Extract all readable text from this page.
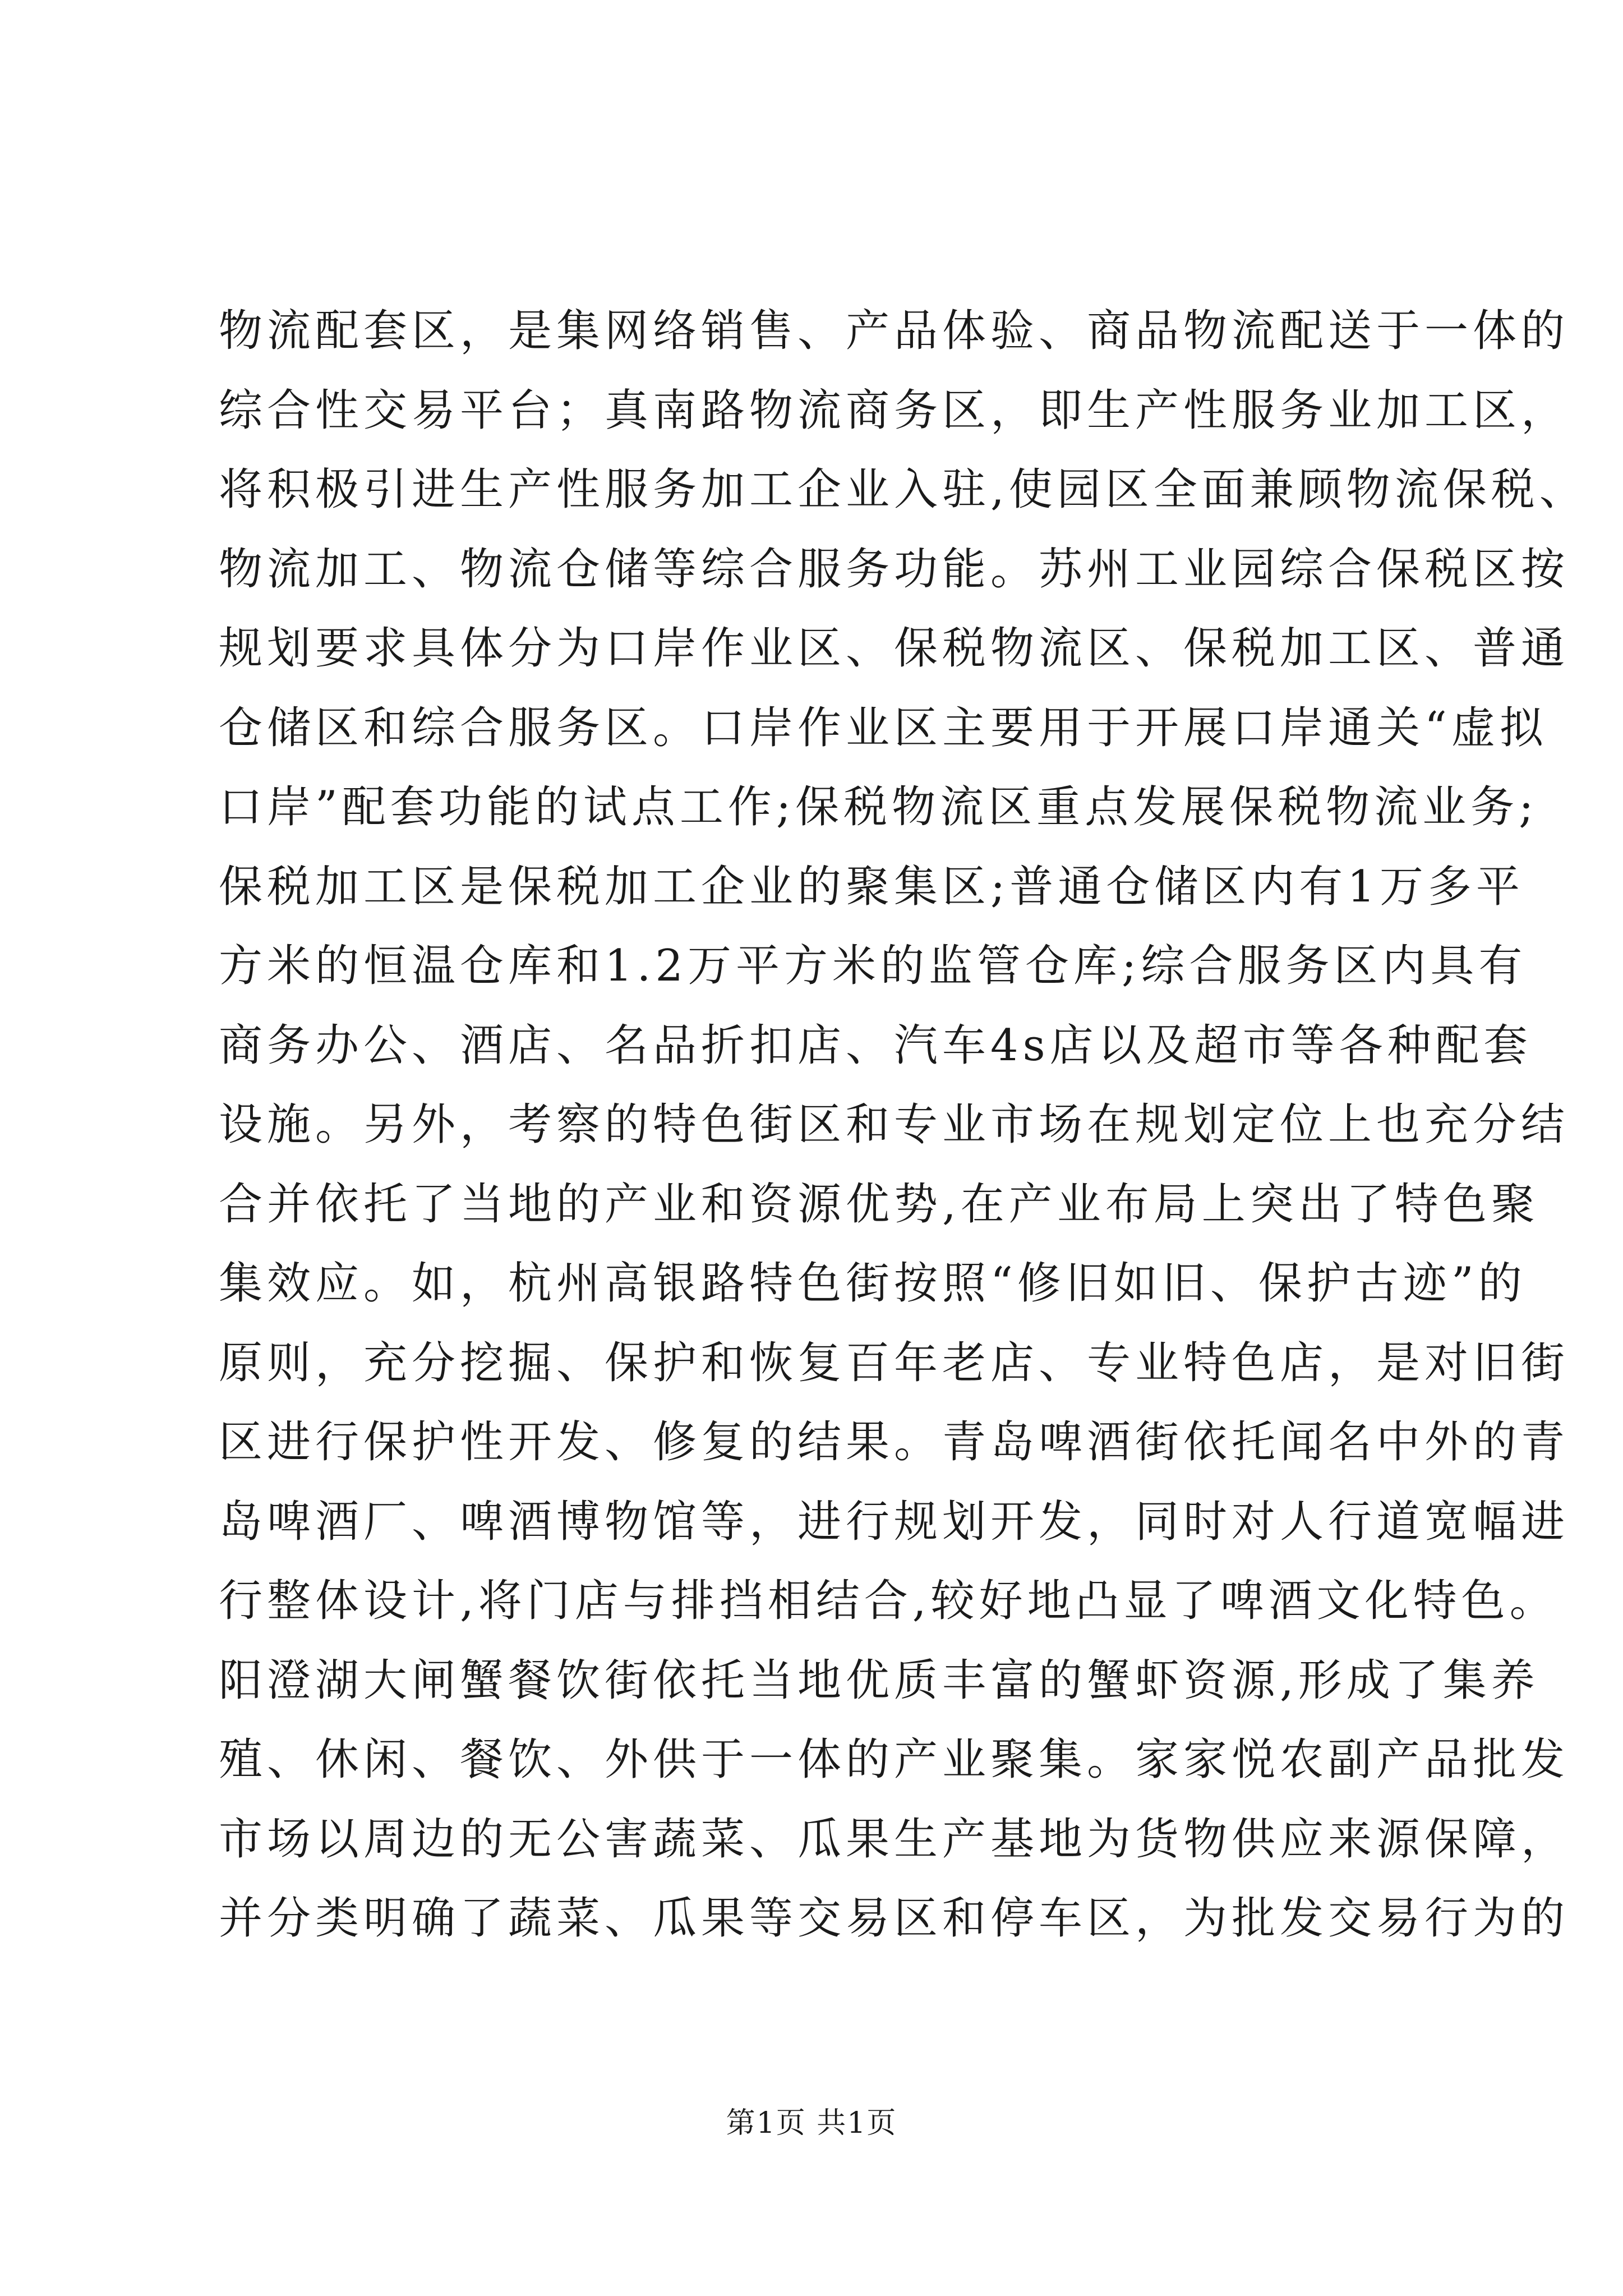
物流配套区，是集网络销售、产品体验、商品物流配送于一体的
综合性交易平台；真南路物流商务区，即生产性服务业加工区，
将积极引进生产性服务加工企业入驻,使园区全面兼顾物流保税、
物流加工、物流仓储等综合服务功能。苏州工业园综合保税区按
规划要求具体分为口岸作业区、保税物流区、保税加工区、普通
仓储区和综合服务区。口岸作业区主要用于开展口岸通关“虚拟
口岸”配套功能的试点工作;保税物流区重点发展保税物流业务;
保税加工区是保税加工企业的聚集区;普通仓储区内有1万多平
方米的恒温仓库和1.2万平方米的监管仓库;综合服务区内具有
商务办公、酒店、名品折扣店、汽车4s店以及超市等各种配套
设施。另外，考察的特色街区和专业市场在规划定位上也充分结
合并依托了当地的产业和资源优势,在产业布局上突出了特色聚
集效应。如，杭州高银路特色街按照“修旧如旧、保护古迹”的
原则，充分挖掘、保护和恢复百年老店、专业特色店，是对旧街
区进行保护性开发、修复的结果。青岛啤酒街依托闻名中外的青
岛啤酒厂、啤酒博物馆等，进行规划开发，同时对人行道宽幅进
行整体设计,将门店与排挡相结合,较好地凸显了啤酒文化特色。
阳澄湖大闸蟹餐饮街依托当地优质丰富的蟹虾资源,形成了集养
殖、休闲、餐饮、外供于一体的产业聚集。家家悦农副产品批发
市场以周边的无公害蔬菜、瓜果生产基地为货物供应来源保障，
并分类明确了蔬菜、瓜果等交易区和停车区，为批发交易行为的
第1页 共1页
